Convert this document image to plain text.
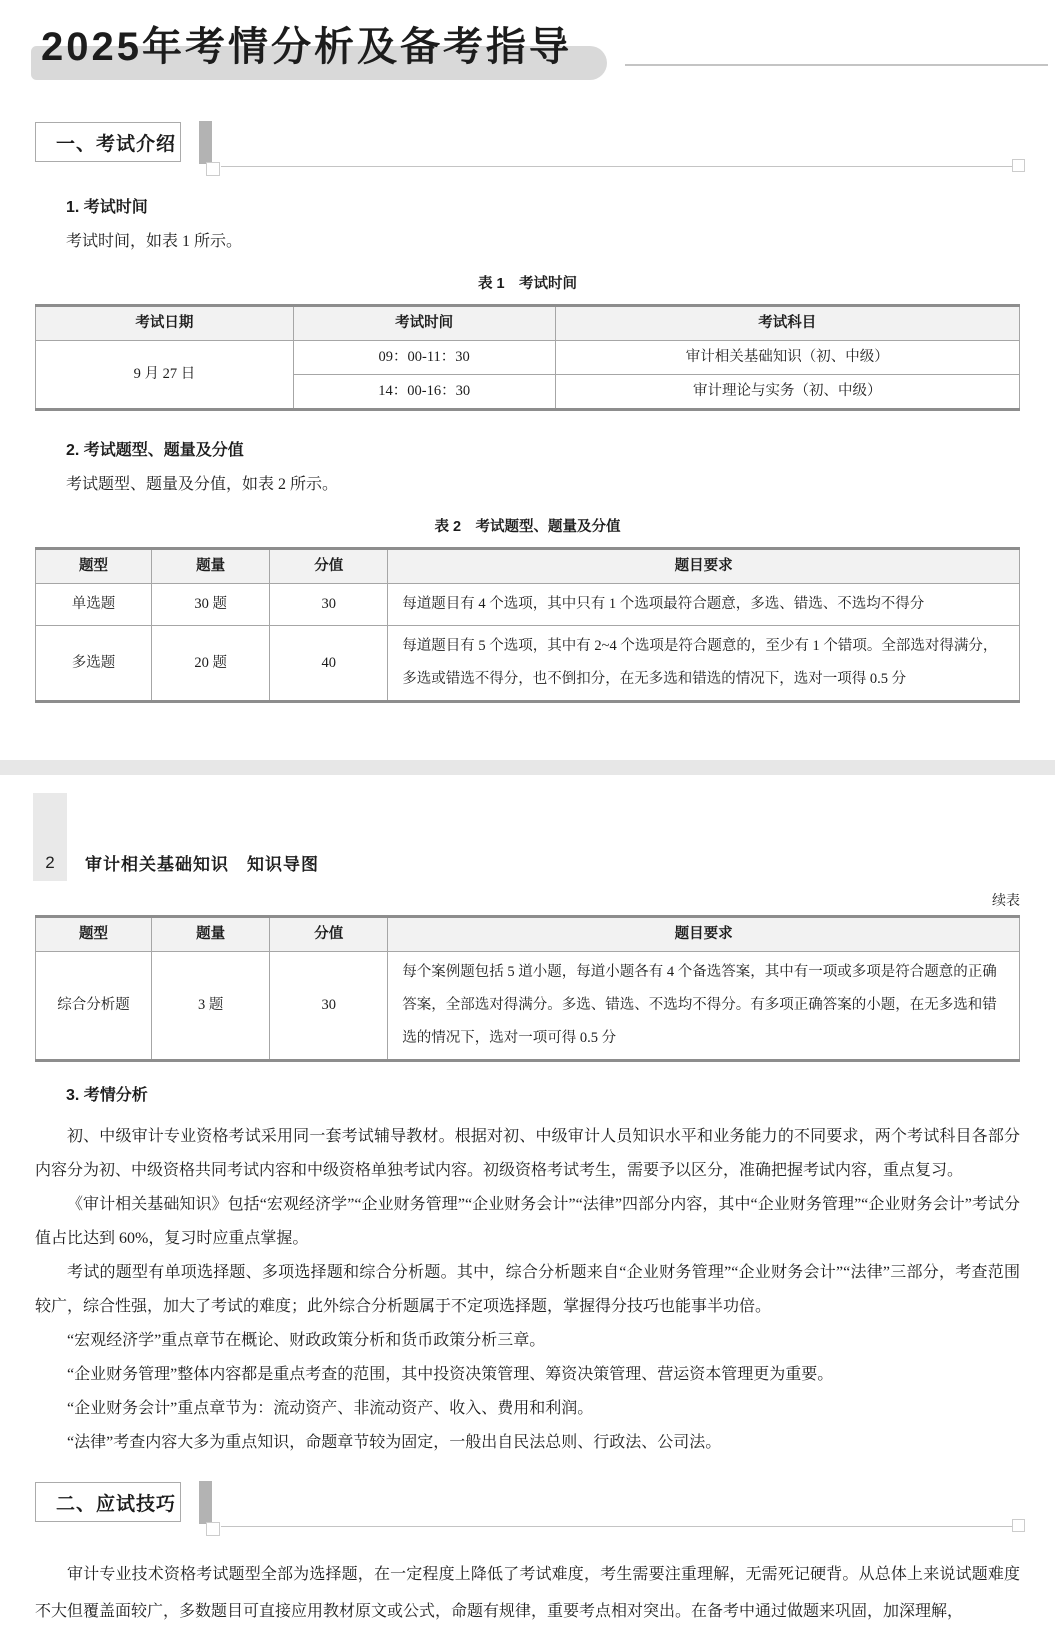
2025年考情分析及备考指导
一、考试介绍
1. 考试时间

考试时间，如表 1 所示。

表 1　考试时间

考试日期	考试时间	考试科目
9 月 27 日	09：00-11：30	审计相关基础知识（初、中级）
	14：00-16：30	审计理论与实务（初、中级）
2. 考试题型、题量及分值

考试题型、题量及分值，如表 2 所示。

表 2　考试题型、题量及分值

题型	题量	分值	题目要求
单选题	30 题	30	每道题目有 4 个选项，其中只有 1 个选项最符合题意，多选、错选、不选均不得分
多选题	20 题	40	每道题目有 5 个选项，其中有 2~4 个选项是符合题意的，至少有 1 个错项。全部选对得满分，多选或错选不得分，也不倒扣分，在无多选和错选的情况下，选对一项得 0.5 分
2 审计相关基础知识　知识导图

续表

题型	题量	分值	题目要求
综合分析题	3 题	30	每个案例题包括 5 道小题，每道小题各有 4 个备选答案，其中有一项或多项是符合题意的正确答案，全部选对得满分。多选、错选、不选均不得分。有多项正确答案的小题，在无多选和错选的情况下，选对一项可得 0.5 分
3. 考情分析

初、中级审计专业资格考试采用同一套考试辅导教材。根据对初、中级审计人员知识水平和业务能力的不同要求，两个考试科目各部分内容分为初、中级资格共同考试内容和中级资格单独考试内容。初级资格考试考生，需要予以区分，准确把握考试内容，重点复习。

《审计相关基础知识》包括“宏观经济学”“企业财务管理”“企业财务会计”“法律”四部分内容，其中“企业财务管理”“企业财务会计”考试分值占比达到 60%，复习时应重点掌握。

考试的题型有单项选择题、多项选择题和综合分析题。其中，综合分析题来自“企业财务管理”“企业财务会计”“法律”三部分，考查范围较广，综合性强，加大了考试的难度；此外综合分析题属于不定项选择题，掌握得分技巧也能事半功倍。

“宏观经济学”重点章节在概论、财政政策分析和货币政策分析三章。

“企业财务管理”整体内容都是重点考查的范围，其中投资决策管理、筹资决策管理、营运资本管理更为重要。

“企业财务会计”重点章节为：流动资产、非流动资产、收入、费用和利润。

“法律”考查内容大多为重点知识，命题章节较为固定，一般出自民法总则、行政法、公司法。

二、应试技巧

审计专业技术资格考试题型全部为选择题，在一定程度上降低了考试难度，考生需要注重理解，无需死记硬背。从总体上来说试题难度不大但覆盖面较广，多数题目可直接应用教材原文或公式，命题有规律，重要考点相对突出。在备考中通过做题来巩固，加深理解，
